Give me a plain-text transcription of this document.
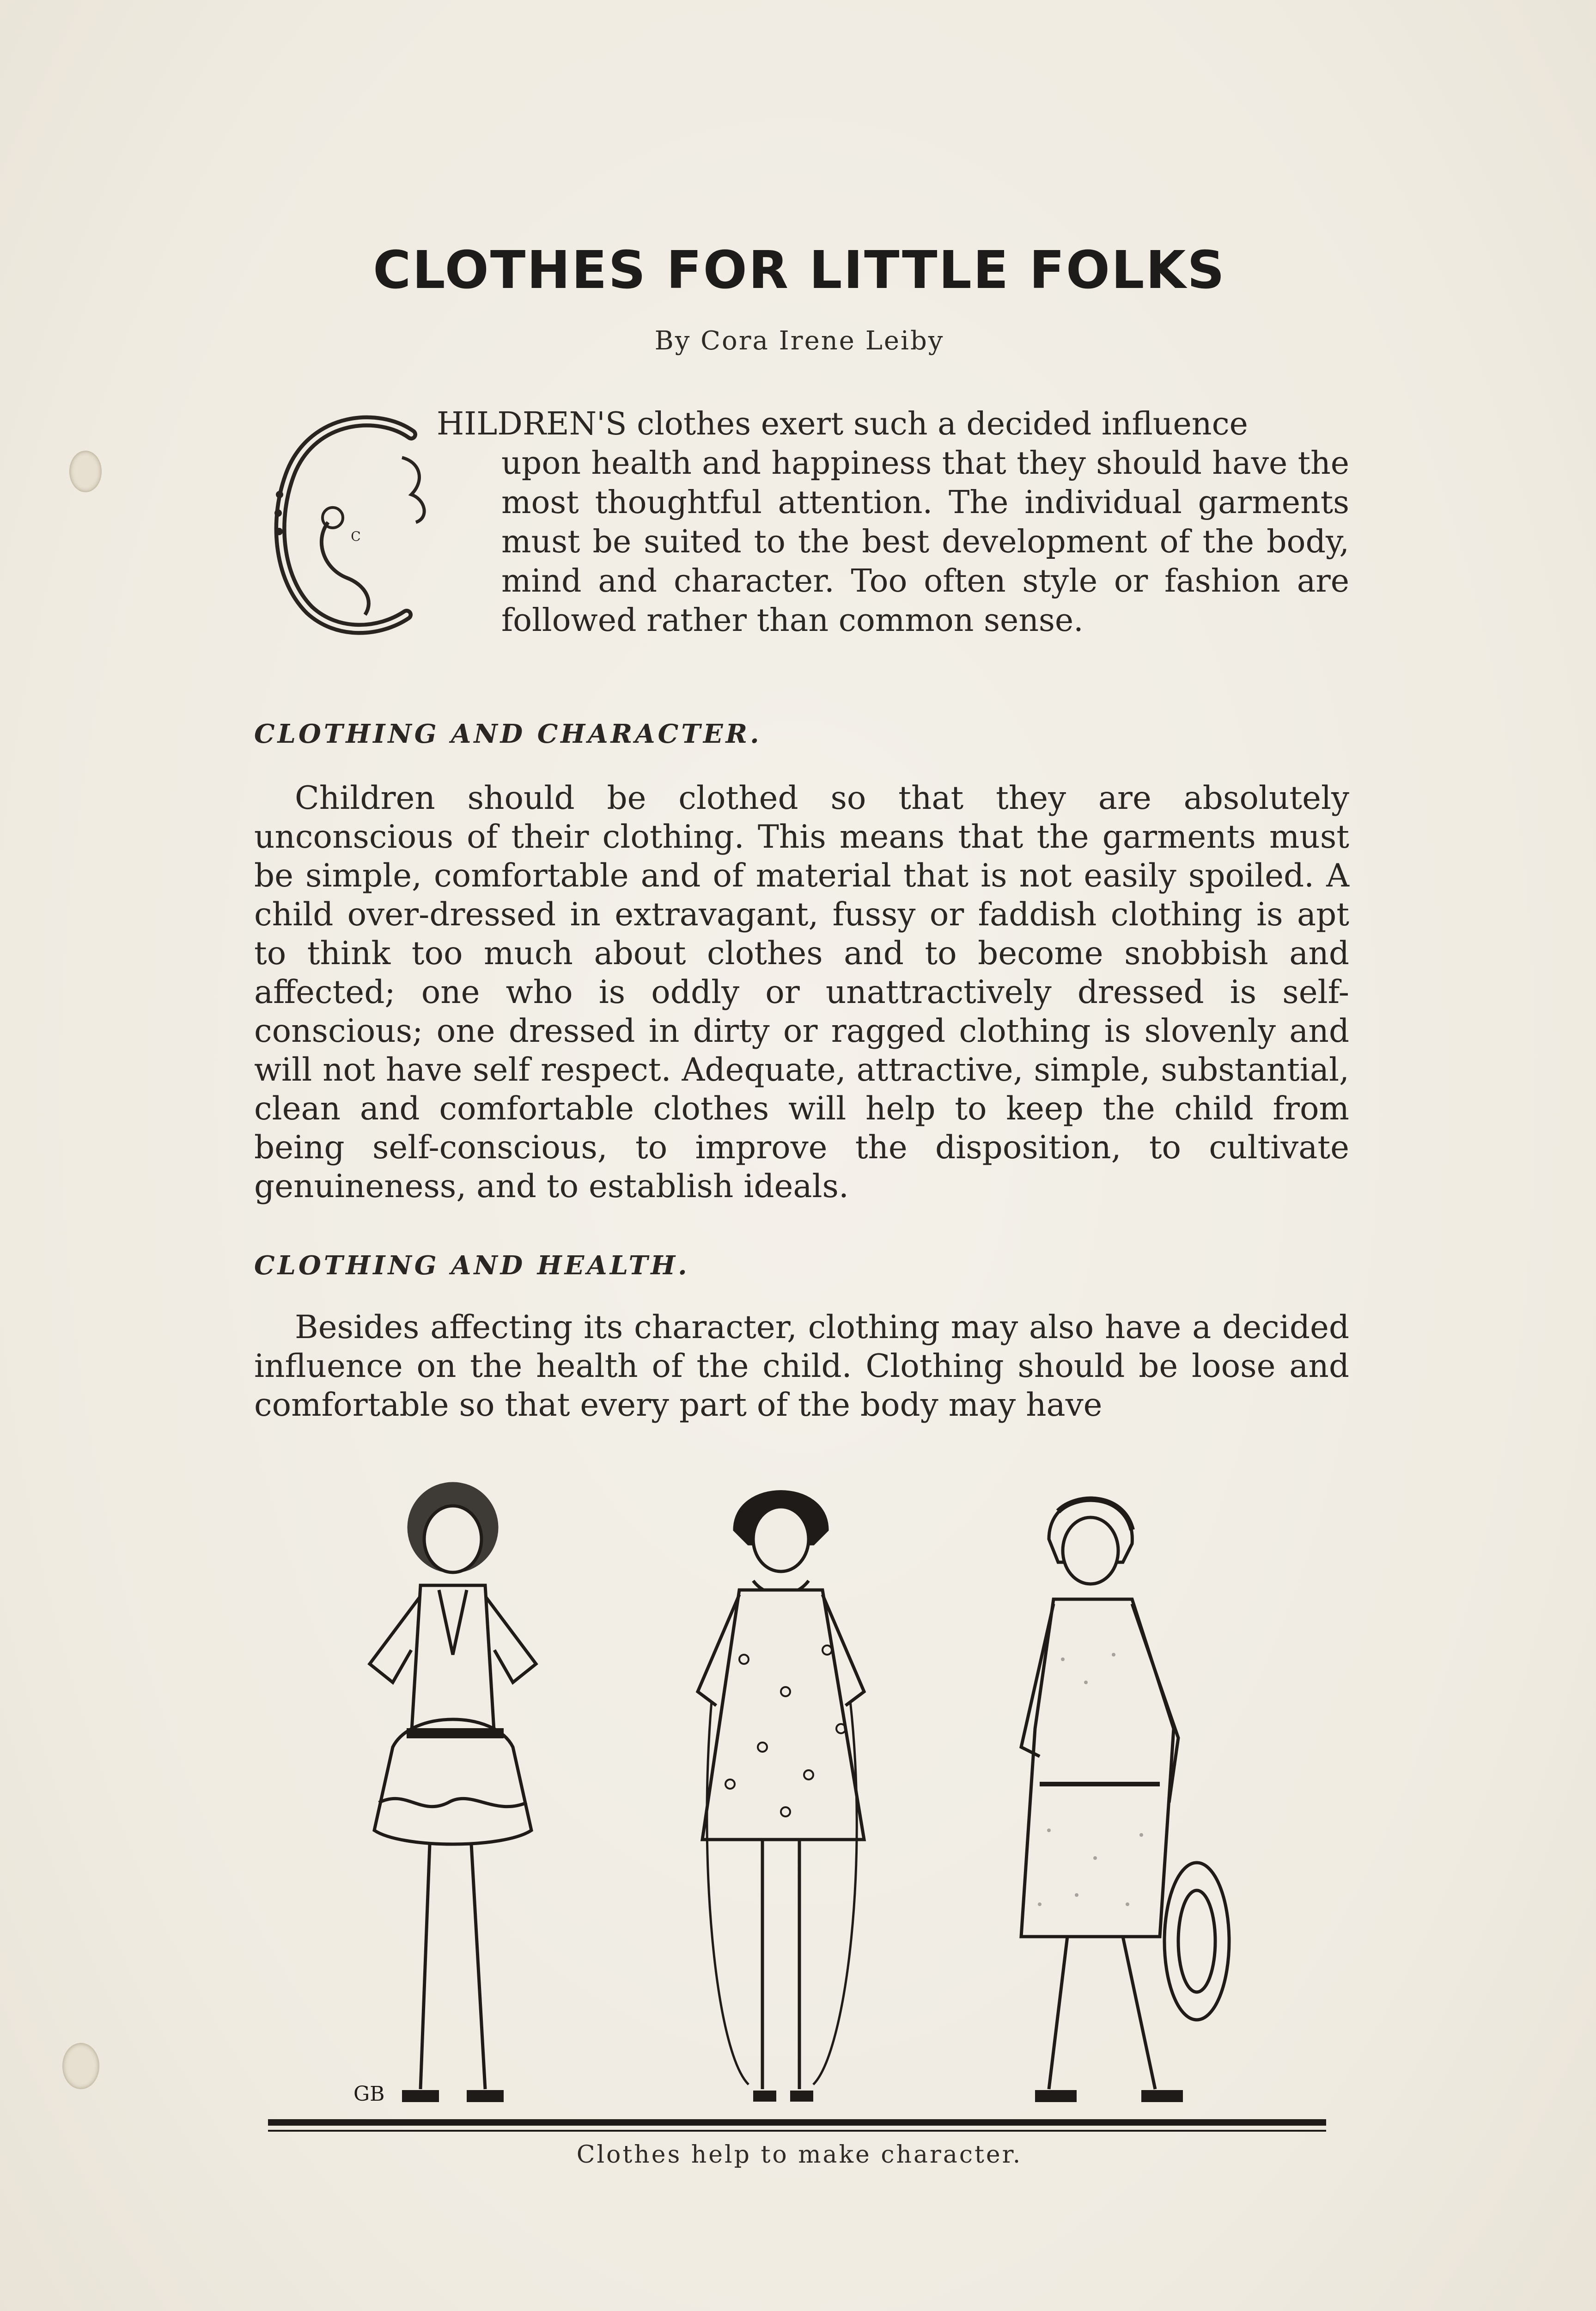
CLOTHES FOR LITTLE FOLKS
By Cora Irene Leiby
C

HILDREN'S clothes exert such a decided influence

upon health and happiness that they should have the most thoughtful attention. The individual garments must be suited to the best development of the body, mind and character. Too often style or fashion are followed rather than common sense.

CLOTHING AND CHARACTER.

Children should be clothed so that they are absolutely unconscious of their clothing. This means that the garments must be simple, comfortable and of material that is not easily spoiled. A child over-dressed in extravagant, fussy or faddish clothing is apt to think too much about clothes and to become snobbish and affected; one who is oddly or unattractively dressed is self-conscious; one dressed in dirty or ragged clothing is slovenly and will not have self respect. Adequate, attractive, simple, substantial, clean and comfortable clothes will help to keep the child from being self-conscious, to improve the disposition, to cultivate genuineness, and to establish ideals.

CLOTHING AND HEALTH.

Besides affecting its character, clothing may also have a decided influence on the health of the child. Clothing should be loose and comfortable so that every part of the body may have

GB
Clothes help to make character.
